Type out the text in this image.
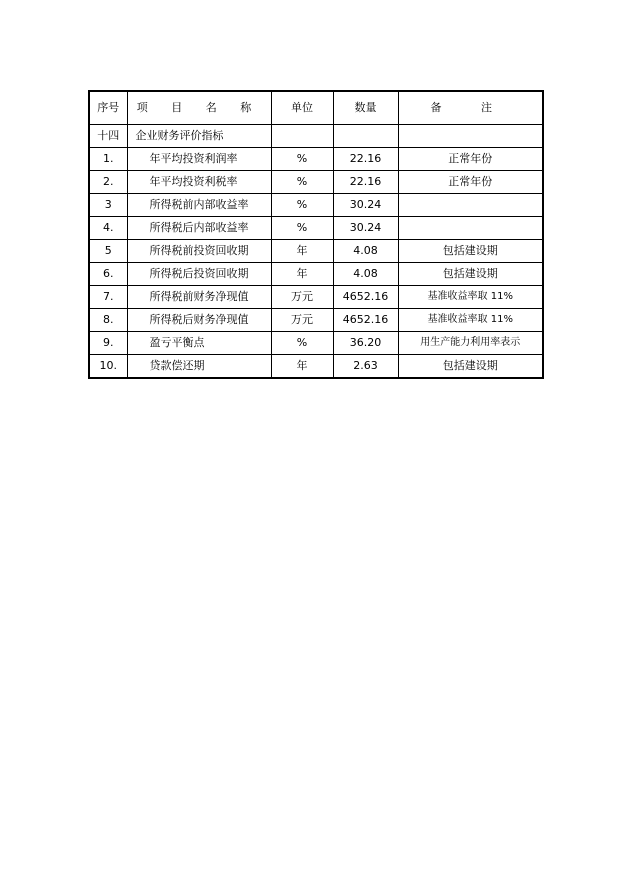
序号	项 目 名 称	单位	数量	备 注
十四	企业财务评价指标			
1.	年平均投资利润率	%	22.16	正常年份
2.	年平均投资利税率	%	22.16	正常年份
3	所得税前内部收益率	%	30.24	
4.	所得税后内部收益率	%	30.24	
5	所得税前投资回收期	年	4.08	包括建设期
6.	所得税后投资回收期	年	4.08	包括建设期
7.	所得税前财务净现值	万元	4652.16	基准收益率取 11%
8.	所得税后财务净现值	万元	4652.16	基准收益率取 11%
9.	盈亏平衡点	%	36.20	用生产能力利用率表示
10.	贷款偿还期	年	2.63	包括建设期
